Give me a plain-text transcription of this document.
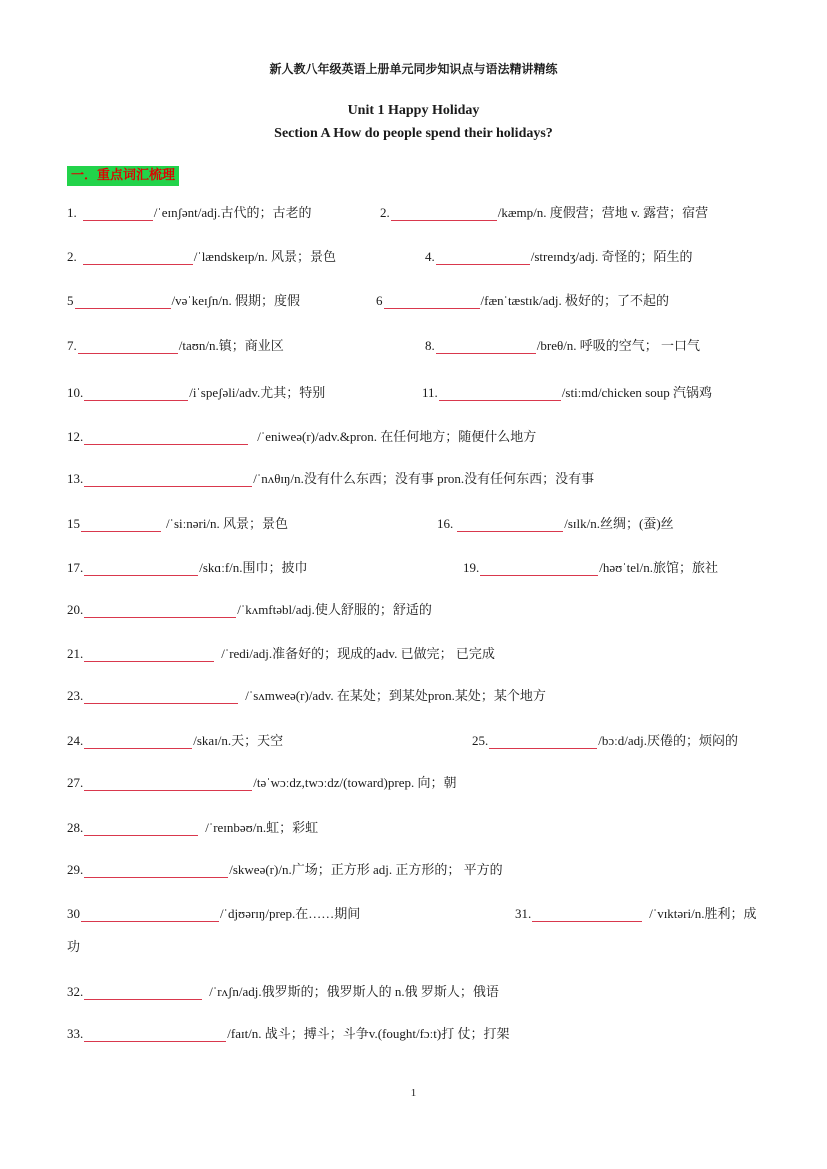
新人教八年级英语上册单元同步知识点与语法精讲精练
Unit 1 Happy Holiday
Section A How do people spend their holidays?
一．重点词汇梳理
1.	/ˈeɪnʃənt/adj.古代的；古老的	2.	/kæmp/n. 度假营；营地 v. 露营；宿营
2.	/ˈlændskeɪp/n. 风景；景色	4.	/streɪndʒ/adj. 奇怪的；陌生的
5	/vəˈkeɪʃn/n. 假期；度假	6	/fænˈtæstɪk/adj. 极好的；了不起的
7.	/taʊn/n.镇；商业区	8.	/breθ/n. 呼吸的空气； 一口气
10.	/iˈspeʃəli/adv.尤其；特别	11.	/stiːmd/chicken soup 汽锅鸡
12.	/ˈeniweə(r)/adv.&pron. 在任何地方；随便什么地方
13.	/ˈnʌθɪŋ/n.没有什么东西；没有事 pron.没有任何东西；没有事
15	/ˈsiːnəri/n. 风景；景色	16.	/sɪlk/n.丝绸；(蚕)丝
17.	/skɑːf/n.围巾；披巾	19.	/həʊˈtel/n.旅馆；旅社
20.	/ˈkʌmftəbl/adj.使人舒服的；舒适的
21.	/ˈredi/adj.准备好的；现成的adv. 已做完； 已完成
23.	/ˈsʌmweə(r)/adv. 在某处；到某处pron.某处；某个地方
24.	/skaɪ/n.天；天空	25.	/bɔːd/adj.厌倦的；烦闷的
27.	/təˈwɔːdz,twɔːdz/(toward)prep. 向；朝
28.	/ˈreɪnbəʊ/n.虹；彩虹
29.	/skweə(r)/n.广场；正方形 adj. 正方形的； 平方的
30	/ˈdjʊərɪŋ/prep.在……期间	31.	/ˈvɪktəri/n.胜利；成
功
32.	/ˈrʌʃn/adj.俄罗斯的；俄罗斯人的 n.俄 罗斯人；俄语
33.	/faɪt/n. 战斗；搏斗；斗争v.(fought/fɔːt)打 仗；打架
1
